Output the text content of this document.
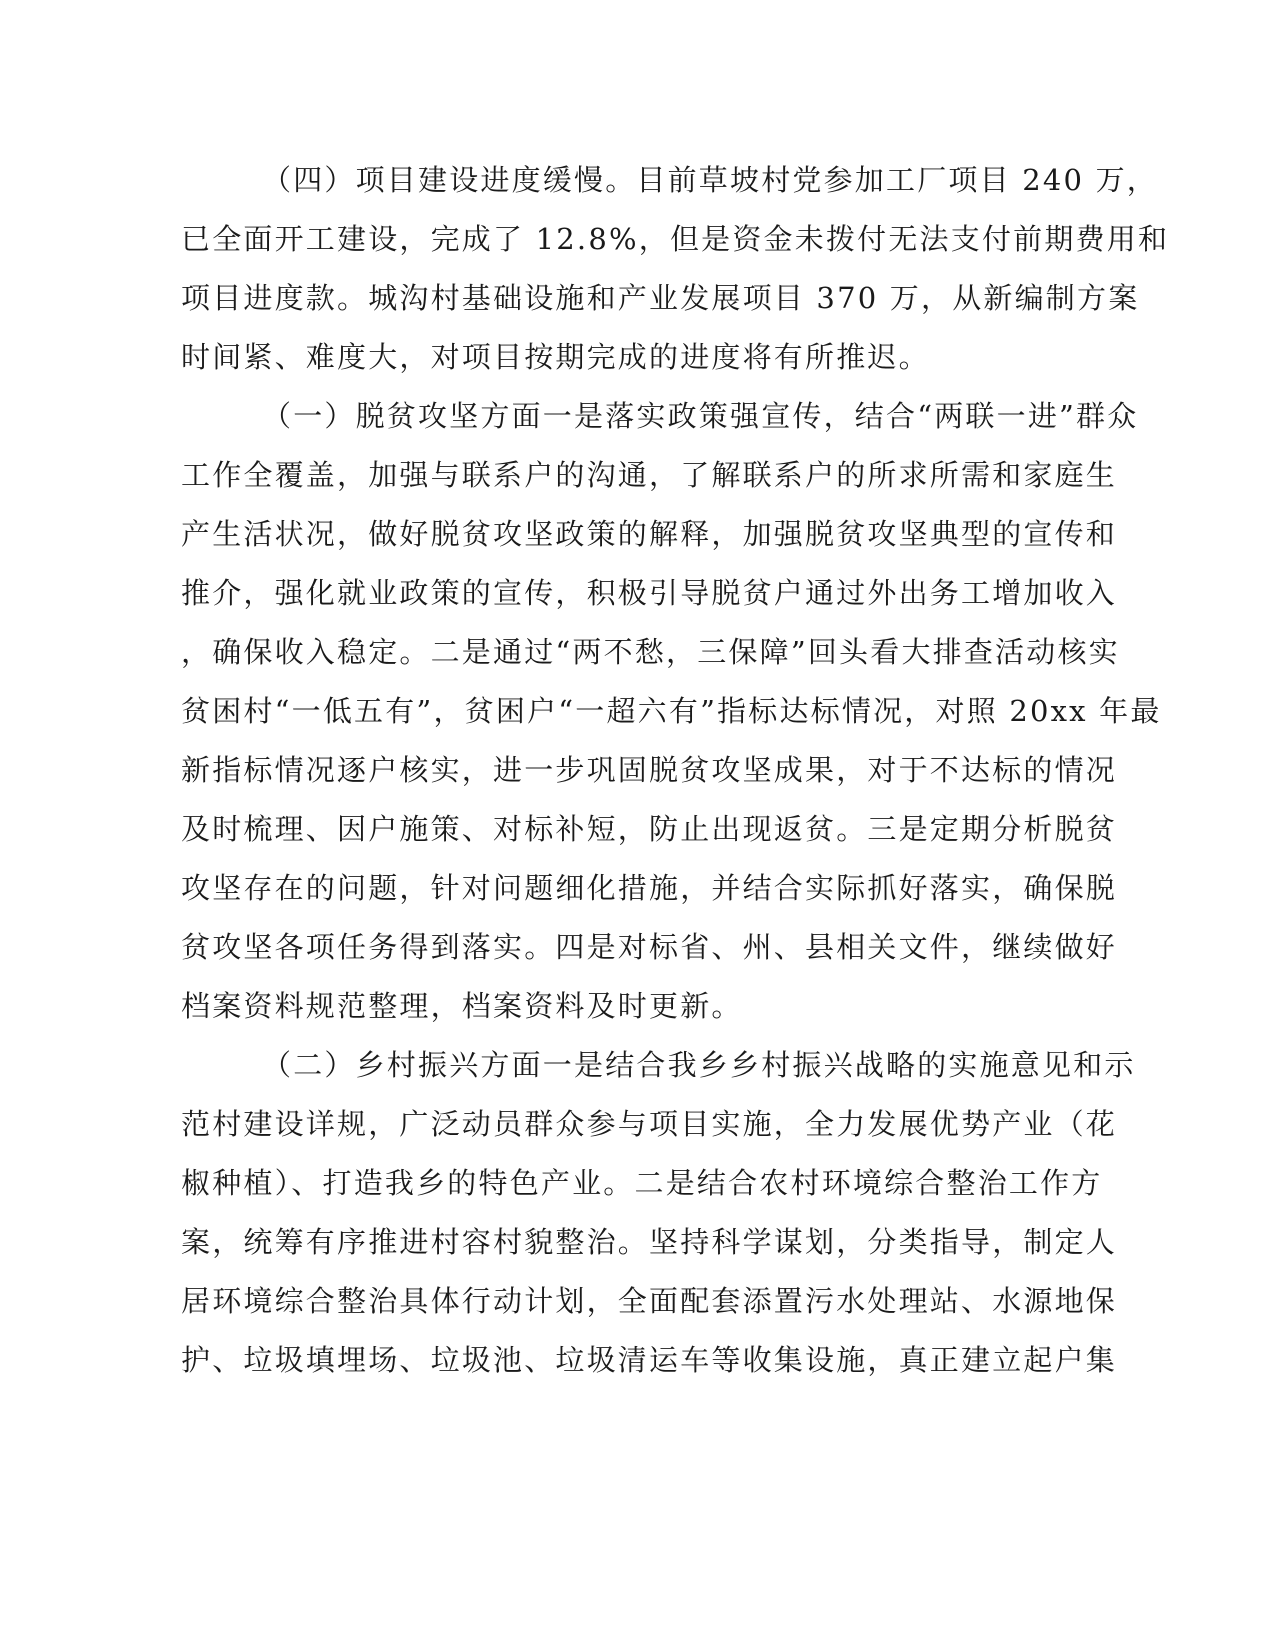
（四）项目建设进度缓慢。目前草坡村党参加工厂项目 240 万，
已全面开工建设，完成了 12.8%，但是资金未拨付无法支付前期费用和
项目进度款。城沟村基础设施和产业发展项目 370 万，从新编制方案
时间紧、难度大，对项目按期完成的进度将有所推迟。
（一）脱贫攻坚方面一是落实政策强宣传，结合“两联一进”群众
工作全覆盖，加强与联系户的沟通，了解联系户的所求所需和家庭生
产生活状况，做好脱贫攻坚政策的解释，加强脱贫攻坚典型的宣传和
推介，强化就业政策的宣传，积极引导脱贫户通过外出务工增加收入
，确保收入稳定。二是通过“两不愁，三保障”回头看大排查活动核实
贫困村“一低五有”，贫困户“一超六有”指标达标情况，对照 20xx 年最
新指标情况逐户核实，进一步巩固脱贫攻坚成果，对于不达标的情况
及时梳理、因户施策、对标补短，防止出现返贫。三是定期分析脱贫
攻坚存在的问题，针对问题细化措施，并结合实际抓好落实，确保脱
贫攻坚各项任务得到落实。四是对标省、州、县相关文件，继续做好
档案资料规范整理，档案资料及时更新。
（二）乡村振兴方面一是结合我乡乡村振兴战略的实施意见和示
范村建设详规，广泛动员群众参与项目实施，全力发展优势产业（花
椒种植）、打造我乡的特色产业。二是结合农村环境综合整治工作方
案，统筹有序推进村容村貌整治。坚持科学谋划，分类指导，制定人
居环境综合整治具体行动计划，全面配套添置污水处理站、水源地保
护、垃圾填埋场、垃圾池、垃圾清运车等收集设施，真正建立起户集
